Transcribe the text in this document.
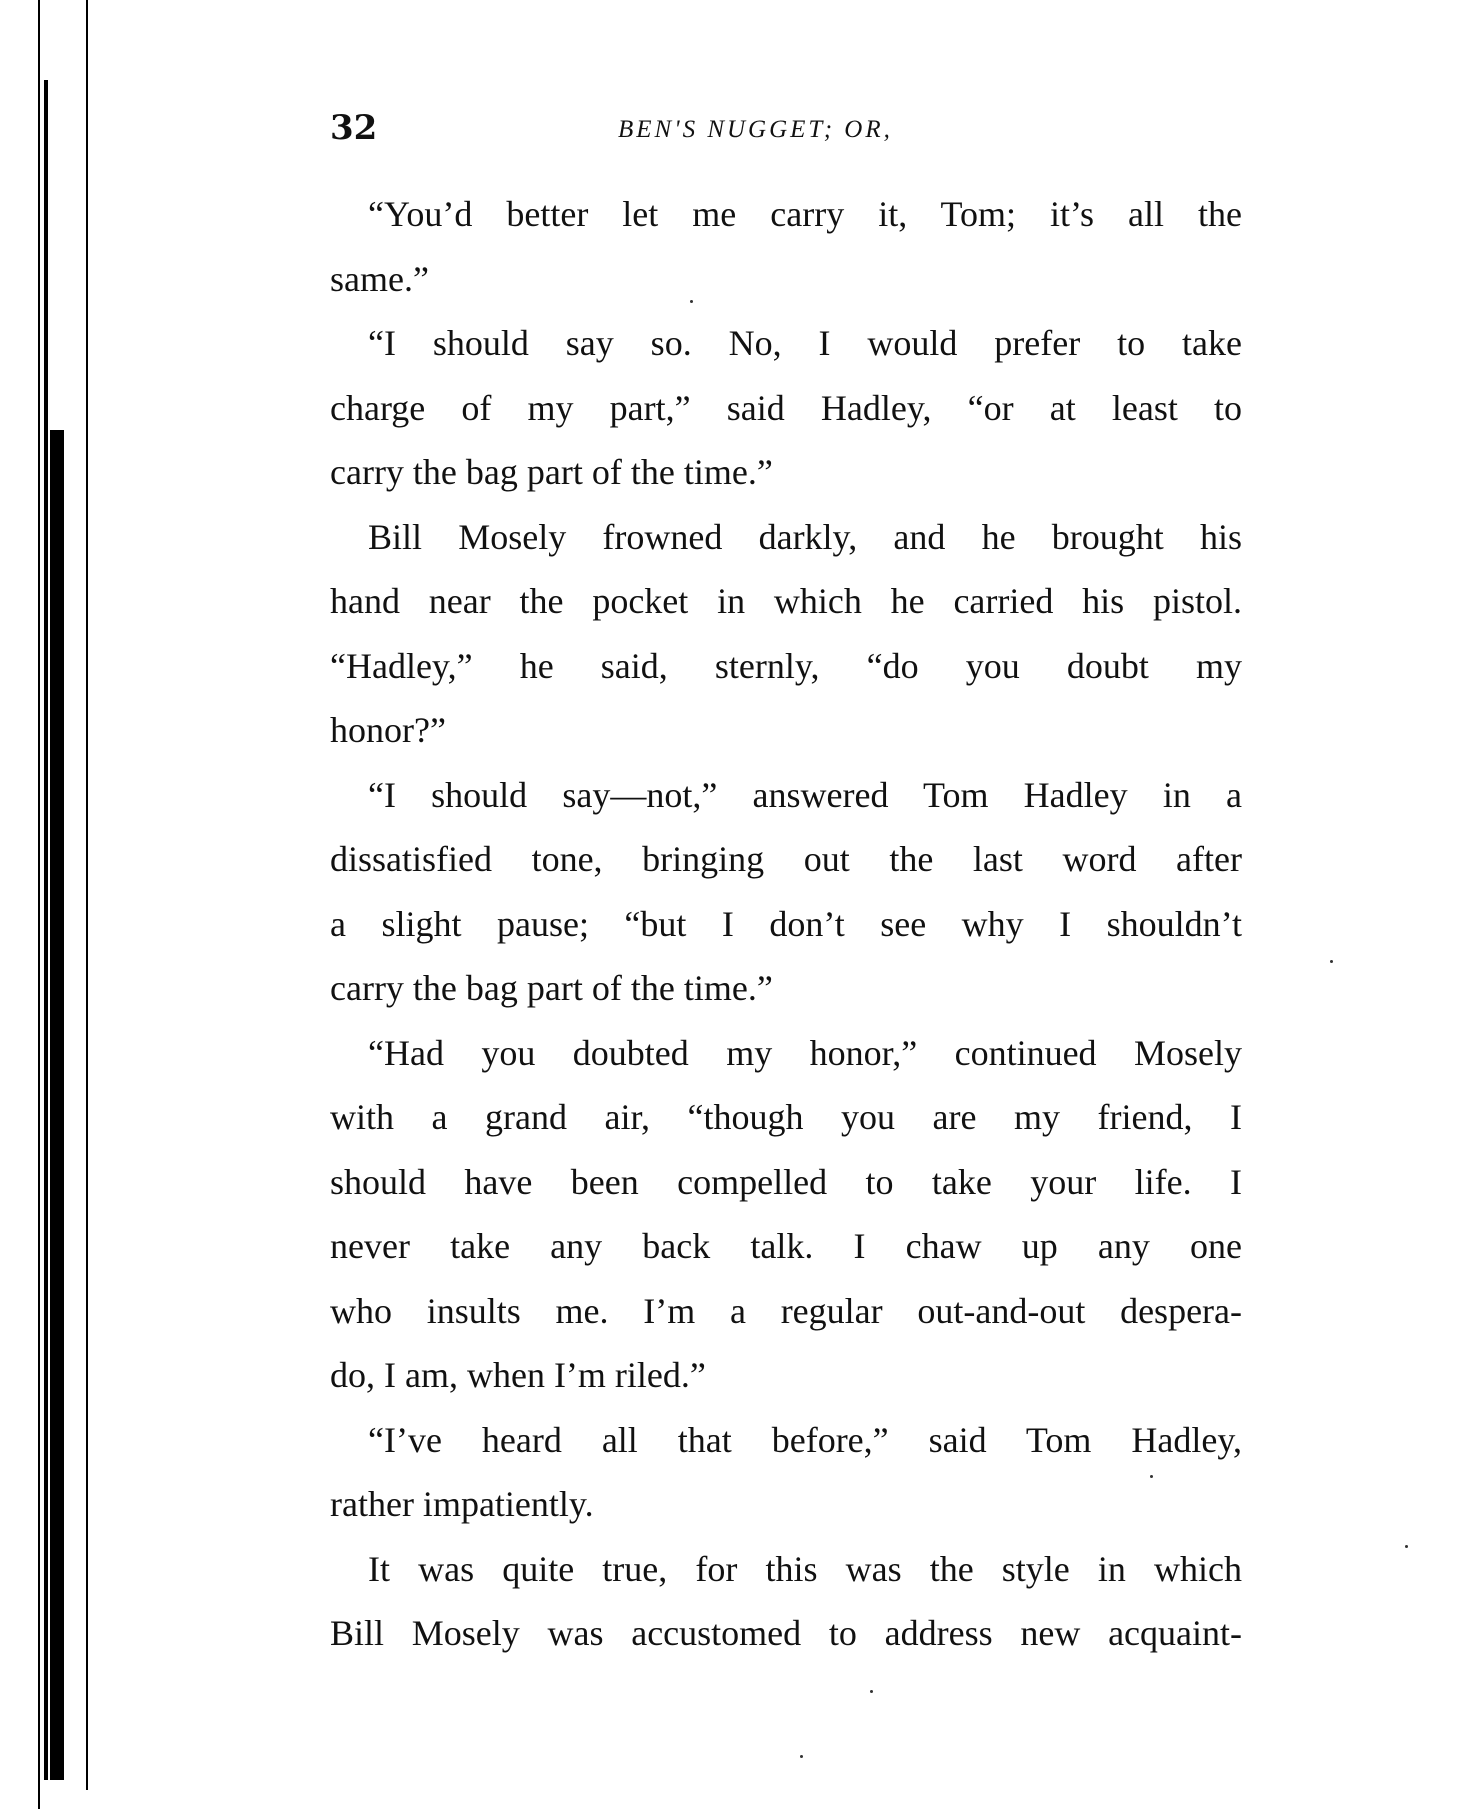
32	BEN'S NUGGET; OR,

“You’d better let me carry it, Tom; it’s all the

same.”

“I should say so. No, I would prefer to take

charge of my part,” said Hadley, “or at least to

carry the bag part of the time.”

Bill Mosely frowned darkly, and he brought his

hand near the pocket in which he carried his pistol.

“Hadley,” he said, sternly, “do you doubt my

honor?”

“I should say—not,” answered Tom Hadley in a

dissatisfied tone, bringing out the last word after

a slight pause; “but I don’t see why I shouldn’t

carry the bag part of the time.”

“Had you doubted my honor,” continued Mosely

with a grand air, “though you are my friend, I

should have been compelled to take your life. I

never take any back talk. I chaw up any one

who insults me. I’m a regular out-and-out despera-

do, I am, when I’m riled.”

“I’ve heard all that before,” said Tom Hadley,

rather impatiently.

It was quite true, for this was the style in which

Bill Mosely was accustomed to address new acquaint-
